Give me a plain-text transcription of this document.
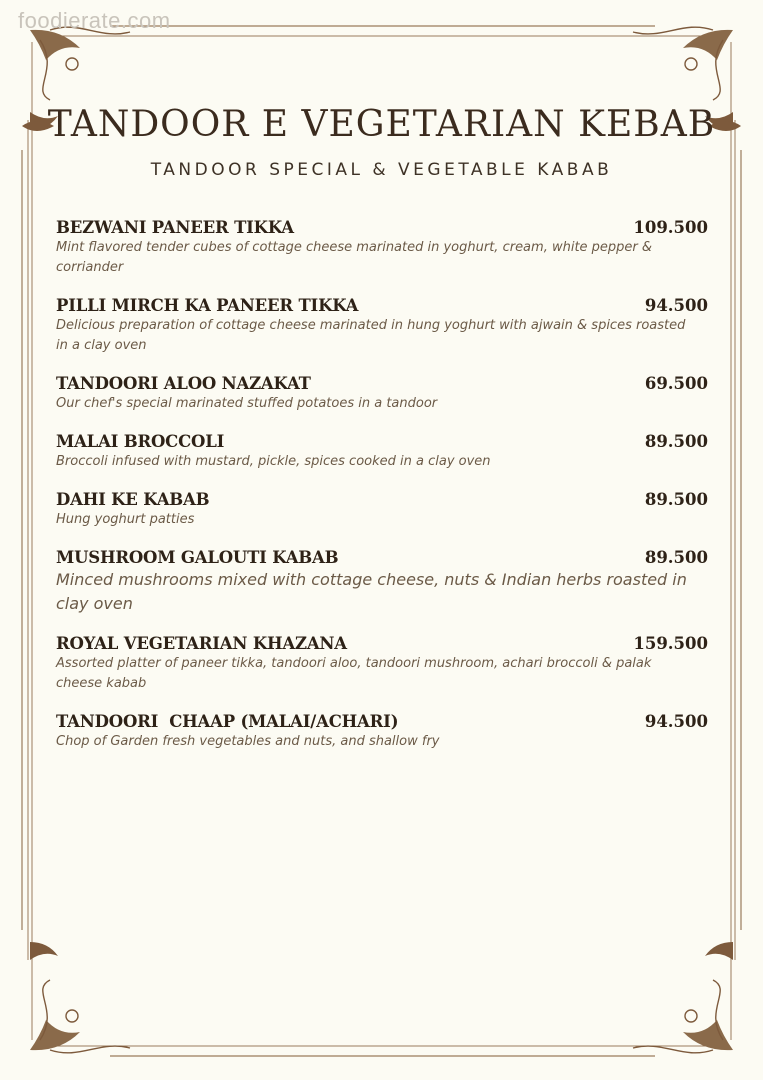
foodierate.com
TANDOOR E VEGETARIAN KEBAB
TANDOOR SPECIAL & VEGETABLE KABAB
BEZWANI PANEER TIKKA	109.500
Mint flavored tender cubes of cottage cheese marinated in yoghurt, cream, white pepper & corriander
PILLI MIRCH KA PANEER TIKKA	94.500
Delicious preparation of cottage cheese marinated in hung yoghurt with ajwain & spices roasted in a clay oven
TANDOORI ALOO NAZAKAT	69.500
Our chef's special marinated stuffed potatoes in a tandoor
MALAI BROCCOLI	89.500
Broccoli infused with mustard, pickle, spices cooked in a clay oven
DAHI KE KABAB	89.500
Hung yoghurt patties
MUSHROOM GALOUTI KABAB	89.500
Minced mushrooms mixed with cottage cheese, nuts & Indian herbs roasted in clay oven
ROYAL VEGETARIAN KHAZANA	159.500
Assorted platter of paneer tikka, tandoori aloo, tandoori mushroom, achari broccoli & palak cheese kabab
TANDOORI  CHAAP (MALAI/ACHARI)	94.500
Chop of Garden fresh vegetables and nuts, and shallow fry
